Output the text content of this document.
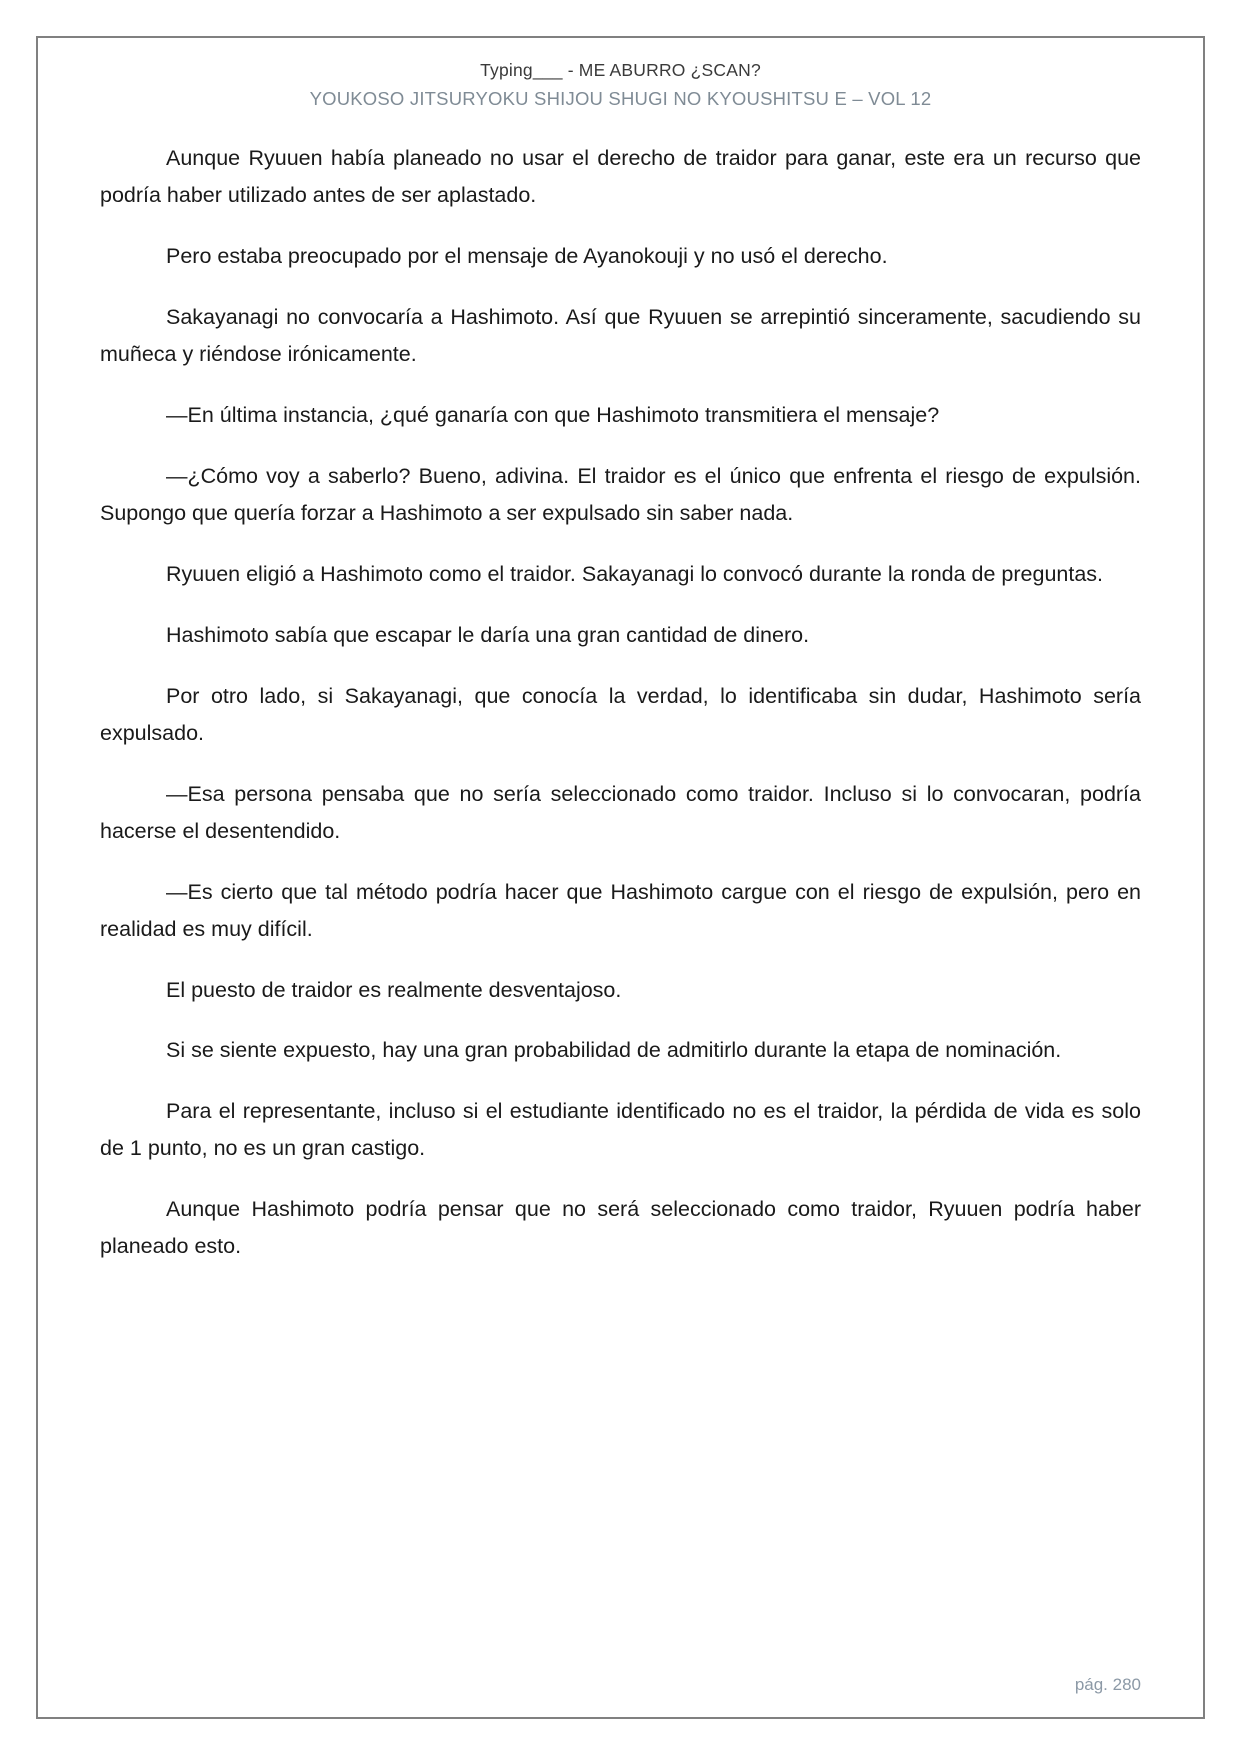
Typing___ - ME ABURRO ¿SCAN?
YOUKOSO JITSURYOKU SHIJOU SHUGI NO KYOUSHITSU E – VOL 12

Aunque Ryuuen había planeado no usar el derecho de traidor para ganar, este era un recurso que podría haber utilizado antes de ser aplastado.

Pero estaba preocupado por el mensaje de Ayanokouji y no usó el derecho.

Sakayanagi no convocaría a Hashimoto. Así que Ryuuen se arrepintió sinceramente, sacudiendo su muñeca y riéndose irónicamente.

—En última instancia, ¿qué ganaría con que Hashimoto transmitiera el mensaje?

—¿Cómo voy a saberlo? Bueno, adivina. El traidor es el único que enfrenta el riesgo de expulsión. Supongo que quería forzar a Hashimoto a ser expulsado sin saber nada.

Ryuuen eligió a Hashimoto como el traidor. Sakayanagi lo convocó durante la ronda de preguntas.

Hashimoto sabía que escapar le daría una gran cantidad de dinero.

Por otro lado, si Sakayanagi, que conocía la verdad, lo identificaba sin dudar, Hashimoto sería expulsado.

—Esa persona pensaba que no sería seleccionado como traidor. Incluso si lo convocaran, podría hacerse el desentendido.

—Es cierto que tal método podría hacer que Hashimoto cargue con el riesgo de expulsión, pero en realidad es muy difícil.

El puesto de traidor es realmente desventajoso.

Si se siente expuesto, hay una gran probabilidad de admitirlo durante la etapa de nominación.

Para el representante, incluso si el estudiante identificado no es el traidor, la pérdida de vida es solo de 1 punto, no es un gran castigo.

Aunque Hashimoto podría pensar que no será seleccionado como traidor, Ryuuen podría haber planeado esto.

pág. 280
